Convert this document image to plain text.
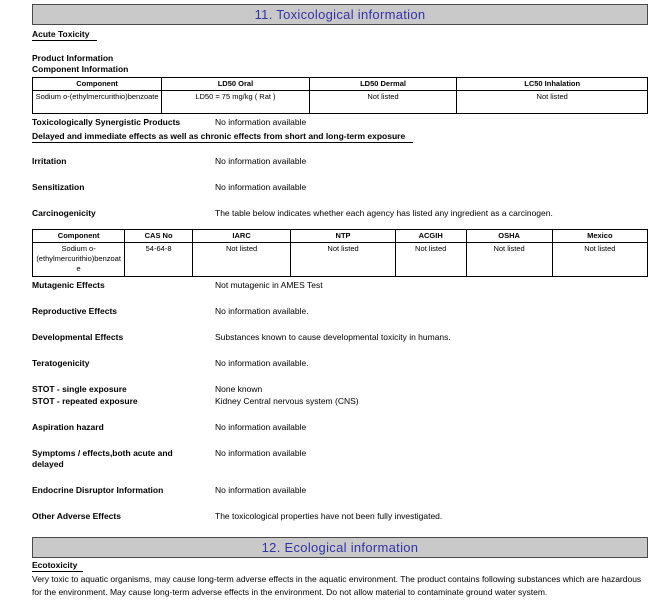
11. Toxicological information
Acute Toxicity
Product Information
Component Information
Component	LD50 Oral	LD50 Dermal	LC50 Inhalation
Sodium o-(ethylmercurithio)benzoate	LD50 = 75 mg/kg ( Rat )	Not listed	Not listed
Toxicologically Synergistic Products	No information available
Delayed and immediate effects as well as chronic effects from short and long-term exposure
Irritation	No information available
Sensitization	No information available
Carcinogenicity	The table below indicates whether each agency has listed any ingredient as a carcinogen.
Component	CAS No	IARC	NTP	ACGIH	OSHA	Mexico
Sodium o-(ethylmercurithio)benzoate	54-64-8	Not listed	Not listed	Not listed	Not listed	Not listed
Mutagenic Effects	Not mutagenic in AMES Test
Reproductive Effects	No information available.
Developmental Effects	Substances known to cause developmental toxicity in humans.
Teratogenicity	No information available.
STOT - single exposure	None known
STOT - repeated exposure	Kidney Central nervous system (CNS)
Aspiration hazard	No information available
Symptoms / effects,both acute and delayed
No information available
Endocrine Disruptor Information	No information available
Other Adverse Effects	The toxicological properties have not been fully investigated.
12. Ecological information
Ecotoxicity
Very toxic to aquatic organisms, may cause long-term adverse effects in the aquatic environment. The product contains following substances which are hazardous for the environment. May cause long-term adverse effects in the environment. Do not allow material to contaminate ground water system.
